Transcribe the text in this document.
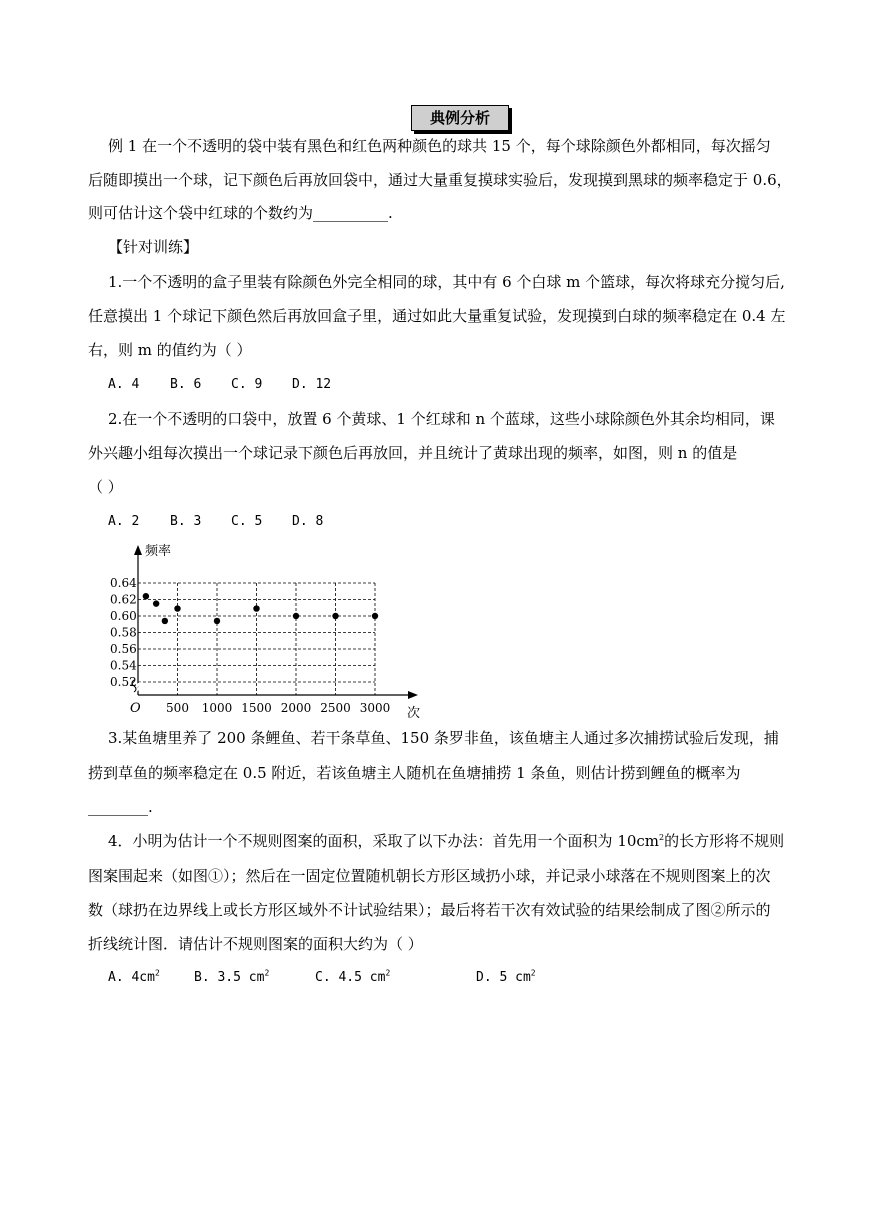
典例分析
例 1 在一个不透明的袋中装有黑色和红色两种颜色的球共 15 个，每个球除颜色外都相同，每次摇匀
后随即摸出一个球，记下颜色后再放回袋中，通过大量重复摸球实验后，发现摸到黑球的频率稳定于 0.6，
则可估计这个袋中红球的个数约为__________.
【针对训练】
1.一个不透明的盒子里装有除颜色外完全相同的球，其中有 6 个白球 m 个篮球，每次将球充分搅匀后,
任意摸出 1 个球记下颜色然后再放回盒子里，通过如此大量重复试验，发现摸到白球的频率稳定在 0.4 左
右，则 m 的值约为（ ）
A. 4 B. 6 C. 9 D. 12
2.在一个不透明的口袋中，放置 6 个黄球、1 个红球和 n 个蓝球，这些小球除颜色外其余均相同，课
外兴趣小组每次摸出一个球记录下颜色后再放回，并且统计了黄球出现的频率，如图，则 n 的值是
（ ）
A. 2 B. 3 C. 5 D. 8
0.52
0.54
0.56
0.58
0.60
0.62
0.64
500 1000 1500 2000 2500 3000
O
频率
次
3.某鱼塘里养了 200 条鲤鱼、若干条草鱼、150 条罗非鱼，该鱼塘主人通过多次捕捞试验后发现，捕
捞到草鱼的频率稳定在 0.5 附近，若该鱼塘主人随机在鱼塘捕捞 1 条鱼，则估计捞到鲤鱼的概率为
________.
4．小明为估计一个不规则图案的面积，采取了以下办法：首先用一个面积为 $10cm^2$的长方形将不规则
图案围起来（如图①）；然后在一固定位置随机朝长方形区域扔小球，并记录小球落在不规则图案上的次
数（球扔在边界线上或长方形区域外不计试验结果）；最后将若干次有效试验的结果绘制成了图②所示的
折线统计图．请估计不规则图案的面积大约为（ ）
A. $4cm^2$	B. 3.5 $cm^2$	C. 4.5 $cm^2$	D. 5 $cm^2$
